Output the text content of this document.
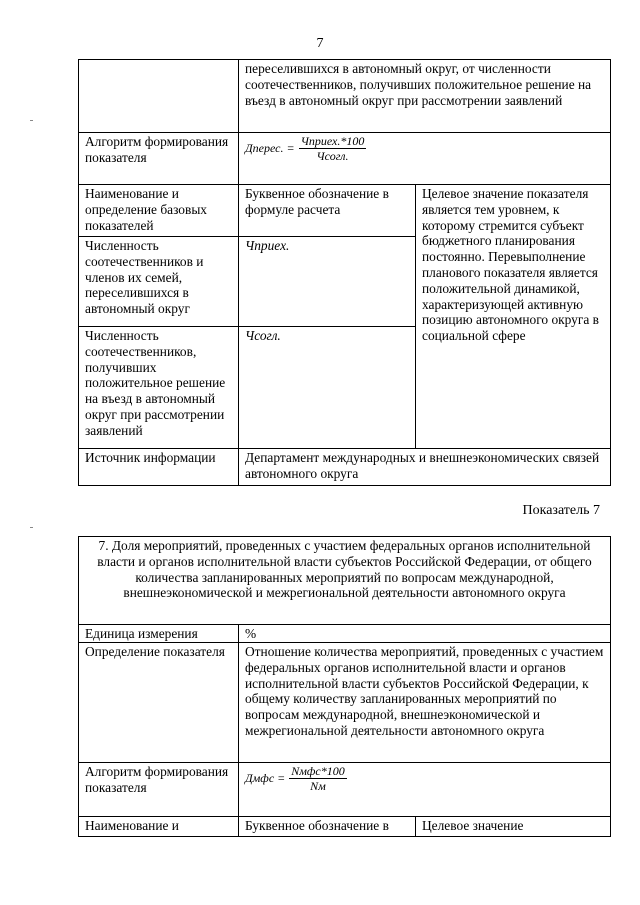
7
	переселившихся в автономный округ, от численности соотечественников, получивших положительное решение на въезд в автономный округ при рассмотрении заявлений	
Алгоритм формирования показателя	Дперес. = $\frac{\text{Чприех.*100}}{\text{Чсогл.}}$

Наименование и определение базовых показателей	Буквенное обозначение в формуле расчета	Целевое значение показателя является тем уровнем, к которому стремится субъект бюджетного планирования постоянно. Перевыполнение планового показателя является положительной динамикой, характеризующей активную позицию автономного округа в социальной сфере
Численность соотечественников и членов их семей, переселившихся в автономный округ	Чприех.	
Численность соотечественников, получивших положительное решение на въезд в автономный округ при рассмотрении заявлений	Чсогл.	
Источник информации	Департамент международных и внешнеэкономических связей автономного округа	
Показатель 7
7. Доля мероприятий, проведенных с участием федеральных органов исполнительной власти и органов исполнительной власти субъектов Российской Федерации, от общего количества запланированных мероприятий по вопросам международной, внешнеэкономической и межрегиональной деятельности автономного округа		
Единица измерения	%	
Определение показателя	Отношение количества мероприятий, проведенных с участием федеральных органов исполнительной власти и органов исполнительной власти субъектов Российской Федерации, к общему количеству запланированных мероприятий по вопросам международной, внешнеэкономической и межрегиональной деятельности автономного округа	
Алгоритм формирования показателя	Дмфс = $\frac{\text{Nмфс*100}}{Nм}$

Наименование и	Буквенное обозначение в	Целевое значение
